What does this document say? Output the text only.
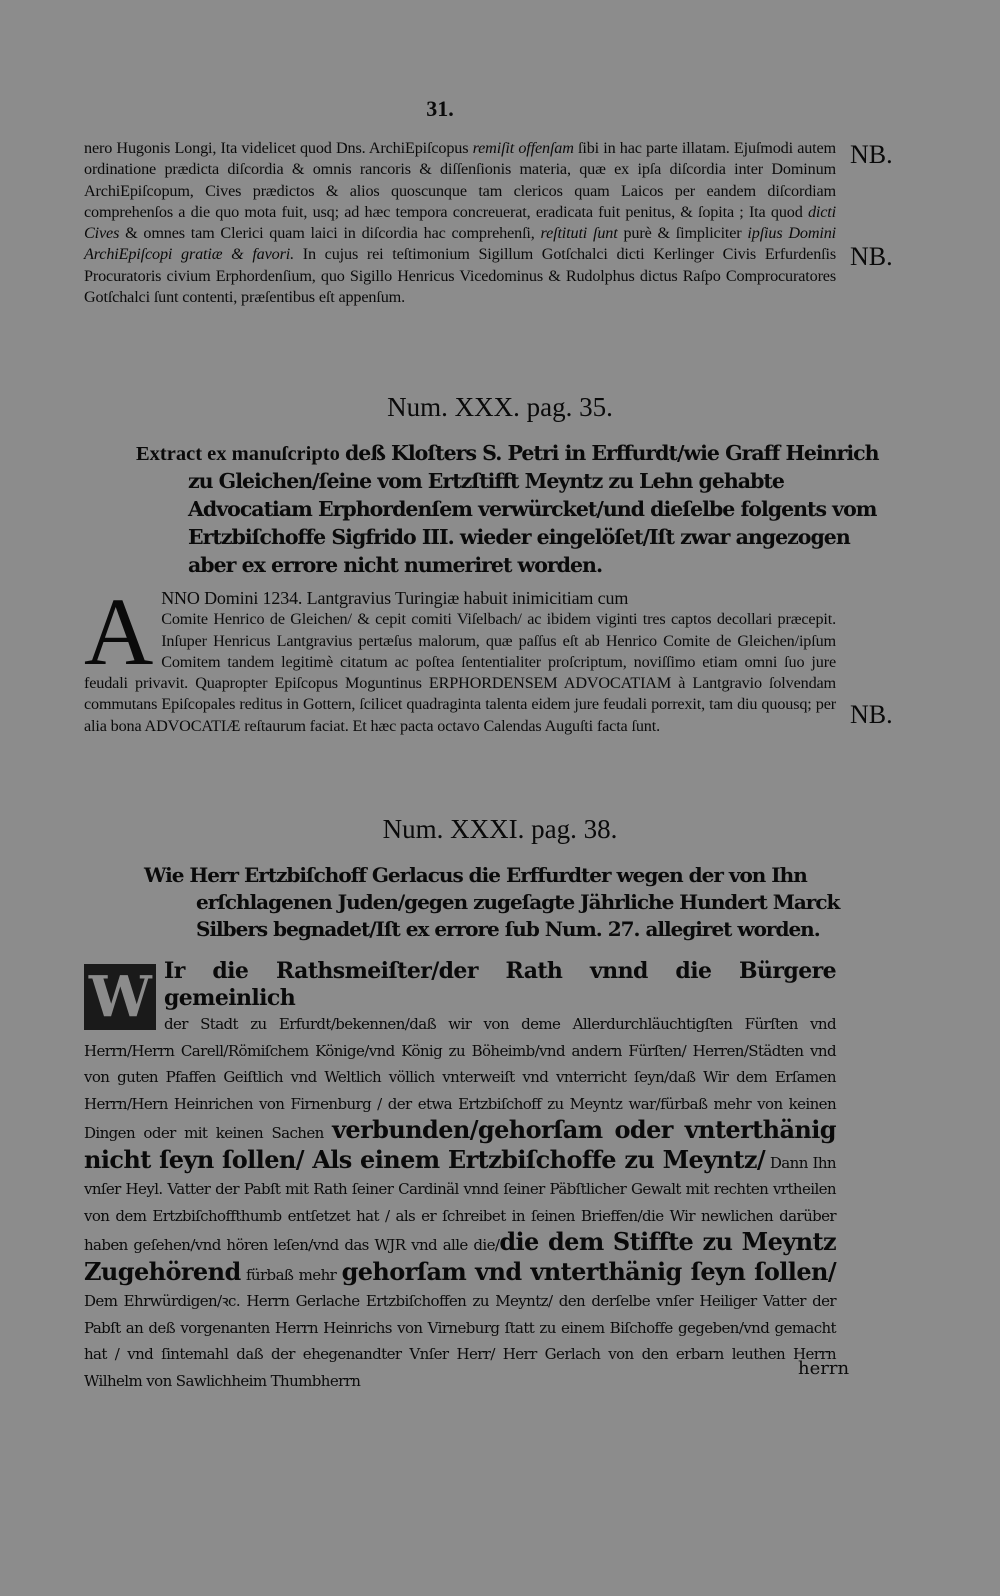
31.

nero Hugonis Longi, Ita videlicet quod Dns. ArchiEpiſcopus remiſit offenſam ſibi in hac parte illatam. Ejuſmodi autem ordinatione prædicta diſcordia & omnis rancoris & diſſenſionis materia, quæ ex ipſa diſcordia inter Dominum ArchiEpiſcopum, Cives prædictos & alios quoscunque tam clericos quam Laicos per eandem diſcordiam comprehenſos a die quo mota fuit, usq; ad hæc tempora concreuerat, eradicata fuit penitus, & ſopita ; Ita quod dicti Cives & omnes tam Clerici quam laici in diſcordia hac comprehenſi, reſtituti ſunt purè & ſimpliciter ipſius Domini ArchiEpiſcopi gratiæ & favori. In cujus rei teſtimonium Sigillum Gotſchalci dicti Kerlinger Civis Erfurdenſis Procuratoris civium Erphordenſium, quo Sigillo Henricus Vicedominus & Rudolphus dictus Raſpo Comprocuratores Gotſchalci ſunt contenti, præſentibus eſt appenſum.

NB.
NB.
Num. XXX. pag. 35.
Extract ex manuſcripto deß Kloſters S. Petri in Erffurdt/wie Graff Heinrich zu Gleichen/ſeine vom Ertzſtifft Meyntz zu Lehn gehabte Advocatiam Erphordenſem verwürcket/und dieſelbe folgents vom Ertzbiſchoffe Sigfrido III. wieder eingelöſet/Iſt zwar angezogen aber ex errore nicht numeriret worden.
A NNO Domini 1234. Lantgravius Turingiæ habuit inimicitiam cum
Comite Henrico de Gleichen/ & cepit comiti Viſelbach/ ac ibidem viginti tres captos decollari præcepit. Inſuper Henricus Lantgravius pertæſus malorum, quæ paſſus eſt ab Henrico Comite de Gleichen/ipſum Comitem tandem legitimè citatum ac poſtea ſententialiter proſcriptum, noviſſimo etiam omni ſuo jure feudali privavit. Quapropter Epiſcopus Moguntinus ERPHORDENSEM ADVOCATIAM à Lantgravio ſolvendam commutans Epiſcopales reditus in Gottern, ſcilicet quadraginta talenta eidem jure feudali porrexit, tam diu quousq; per alia bona ADVOCATIÆ reſtaurum faciat. Et hæc pacta octavo Calendas Auguſti facta ſunt.	NB.
Num. XXXI. pag. 38.
Wie Herr Ertzbiſchoff Gerlacus die Erffurdter wegen der von Ihn erſchlagenen Juden/gegen zugeſagte Jährliche Hundert Marck Silbers begnadet/Iſt ex errore ſub Num. 27. allegiret worden.
W Ir die Rathsmeiſter/der Rath vnnd die Bürgere gemeinlich
der Stadt zu Erfurdt/bekennen/daß wir von deme Allerdurchläuchtigſten Fürſten vnd Herrn/Herrn Carell/Römiſchem Könige/vnd König zu Böheimb/vnd andern Fürſten/ Herren/Städten vnd von guten Pfaffen Geiſtlich vnd Weltlich völlich vnterweiſt vnd vnterricht ſeyn/daß Wir dem Erſamen Herrn/Hern Heinrichen von Firnenburg / der etwa Ertzbiſchoff zu Meyntz war/fürbaß mehr von keinen Dingen oder mit keinen Sachen verbunden/gehorſam oder vnterthänig nicht ſeyn ſollen/ Als einem Ertzbiſchoffe zu Meyntz/ Dann Ihn vnſer Heyl. Vatter der Pabſt mit Rath ſeiner Cardinäl vnnd ſeiner Päbſtlicher Gewalt mit rechten vrtheilen von dem Ertzbiſchoffthumb entſetzet hat / als er ſchreibet in ſeinen Brieffen/die Wir newlichen darüber haben geſehen/vnd hören leſen/vnd das WJR vnd alle die/die dem Stiffte zu Meyntz Zugehörend fürbaß mehr gehorſam vnd vnterthänig ſeyn ſollen/ Dem Ehrwürdigen/ꝛc. Herrn Gerlache Ertzbiſchoffen zu Meyntz/ den derſelbe vnſer Heiliger Vatter der Pabſt an deß vorgenanten Herrn Heinrichs von Virneburg ſtatt zu einem Biſchoffe gegeben/vnd gemacht hat / vnd ſintemahl daß der ehegenandter Vnſer Herr/ Herr Gerlach von den erbarn leuthen Herrn Wilhelm von Sawlichheim Thumbherrn
herrn
